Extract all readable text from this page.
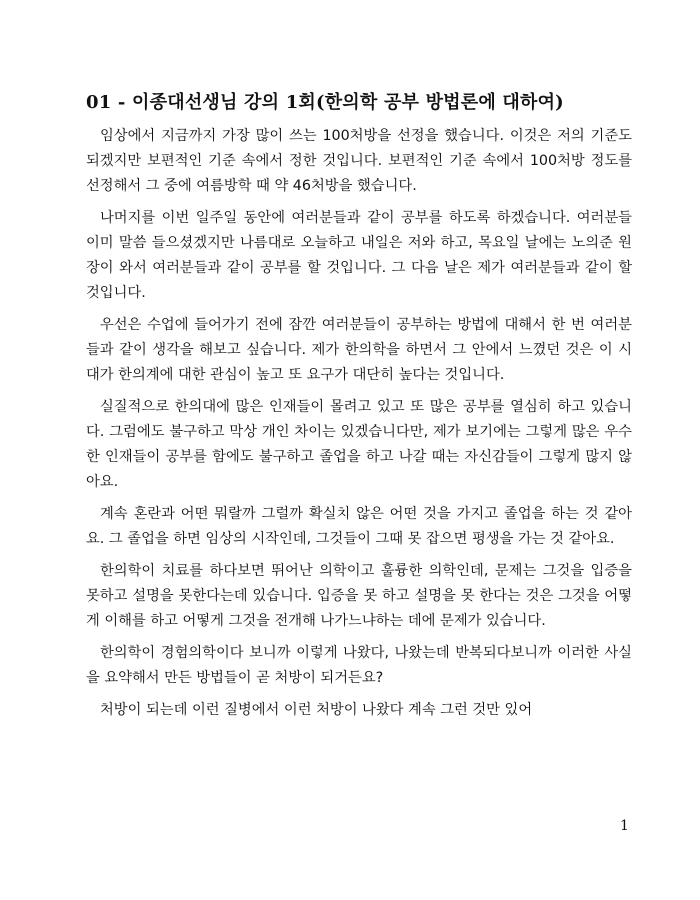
01 - 이종대선생님 강의 1회(한의학 공부 방법론에 대하여)

임상에서 지금까지 가장 많이 쓰는 100처방을 선정을 했습니다. 이것은 저의 기준도 되겠지만 보편적인 기준 속에서 정한 것입니다. 보편적인 기준 속에서 100처방 정도를 선정해서 그 중에 여름방학 때 약 46처방을 했습니다.

나머지를 이번 일주일 동안에 여러분들과 같이 공부를 하도록 하겠습니다. 여러분들 이미 말씀 들으셨겠지만 나름대로 오늘하고 내일은 저와 하고, 목요일 날에는 노의준 원장이 와서 여러분들과 같이 공부를 할 것입니다. 그 다음 날은 제가 여러분들과 같이 할 것입니다.

우선은 수업에 들어가기 전에 잠깐 여러분들이 공부하는 방법에 대해서 한 번 여러분들과 같이 생각을 해보고 싶습니다. 제가 한의학을 하면서 그 안에서 느꼈던 것은 이 시대가 한의계에 대한 관심이 높고 또 요구가 대단히 높다는 것입니다.

실질적으로 한의대에 많은 인재들이 몰려고 있고 또 많은 공부를 열심히 하고 있습니다. 그럼에도 불구하고 막상 개인 차이는 있겠습니다만, 제가 보기에는 그렇게 많은 우수한 인재들이 공부를 함에도 불구하고 졸업을 하고 나갈 때는 자신감들이 그렇게 많지 않아요.

계속 혼란과 어떤 뭐랄까 그럴까 확실치 않은 어떤 것을 가지고 졸업을 하는 것 같아요. 그 졸업을 하면 임상의 시작인데, 그것들이 그때 못 잡으면 평생을 가는 것 같아요.

한의학이 치료를 하다보면 뛰어난 의학이고 훌륭한 의학인데, 문제는 그것을 입증을 못하고 설명을 못한다는데 있습니다. 입증을 못 하고 설명을 못 한다는 것은 그것을 어떻게 이해를 하고 어떻게 그것을 전개해 나가느냐하는 데에 문제가 있습니다.

한의학이 경험의학이다 보니까 이렇게 나왔다, 나왔는데 반복되다보니까 이러한 사실을 요약해서 만든 방법들이 곧 처방이 되거든요?

처방이 되는데 이런 질병에서 이런 처방이 나왔다 계속 그런 것만 있어

1
